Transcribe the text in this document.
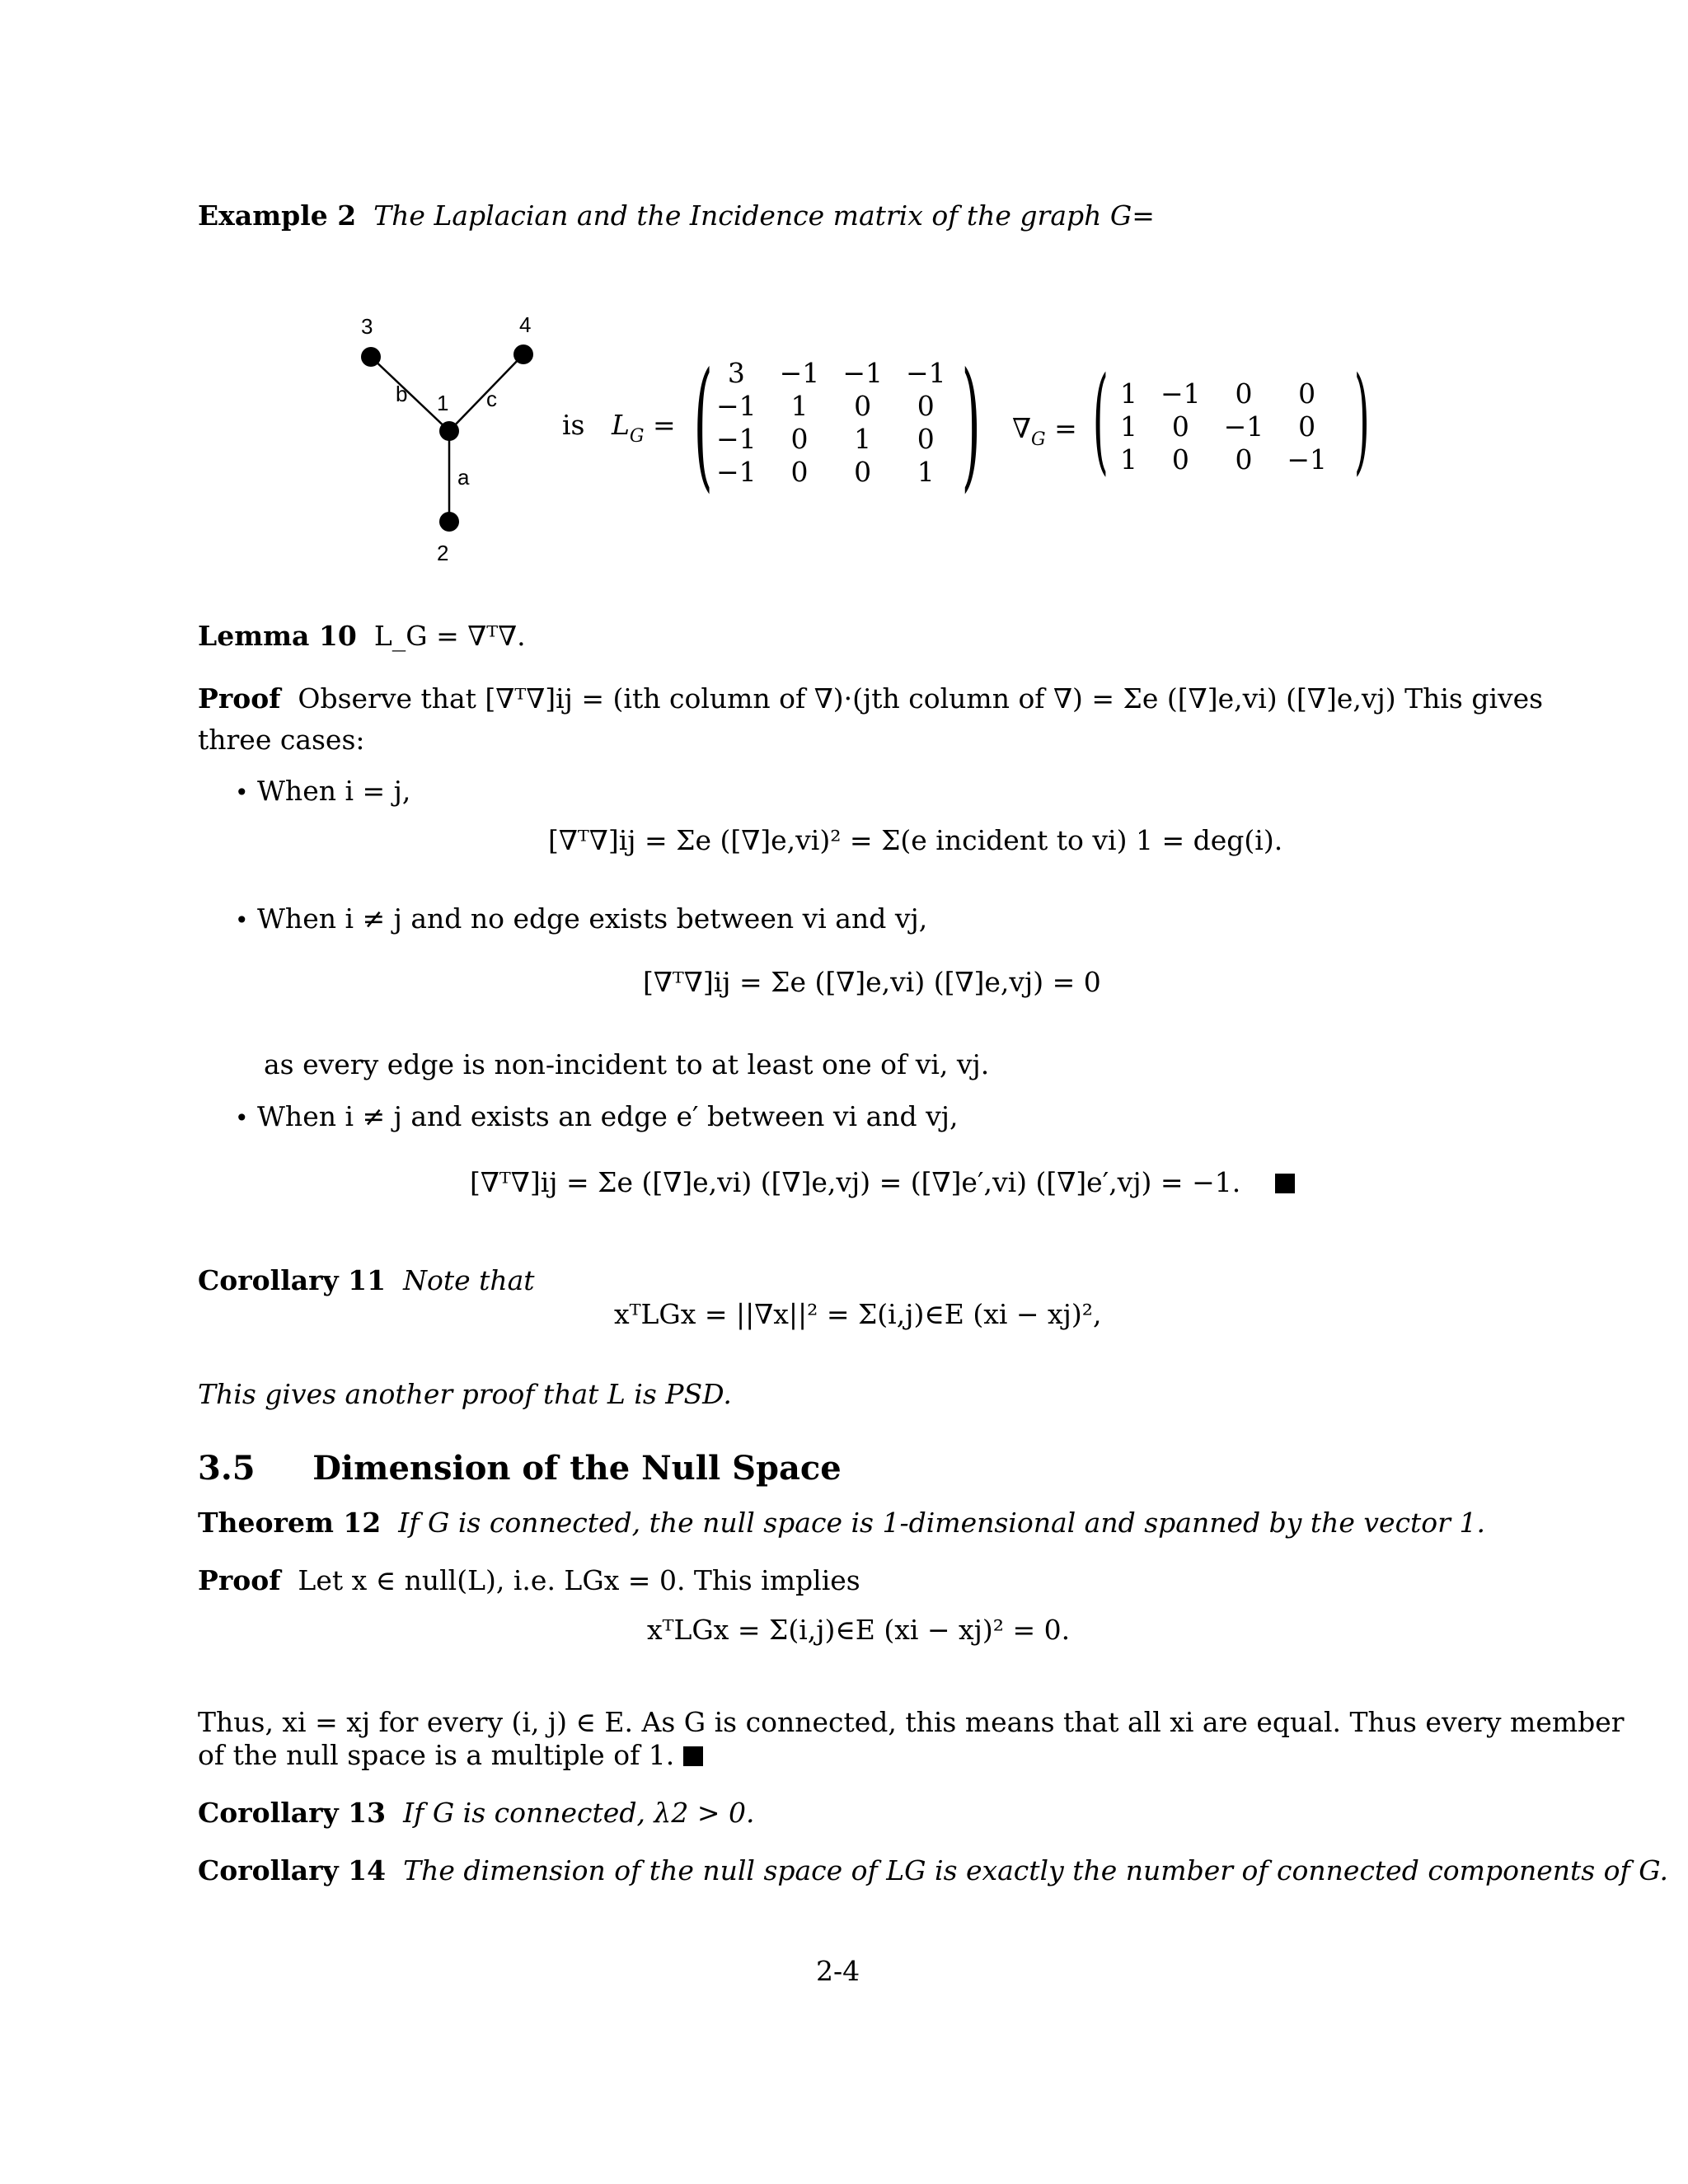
Example 2 The Laplacian and the Incidence matrix of the graph G=
3	4
1
2
b	c
a
is $L_G$ = ( 3	−1	−1	−1
−1	1	0	0
−1	0	1	0
−1	0	0	1 ) $\nabla_G$ = ( 1	−1	0	0
1	0	−1	0
1	0	0	−1 )
Lemma 10 L_G = ∇ᵀ∇.
Proof Observe that [∇ᵀ∇]ij = (ith column of ∇)·(jth column of ∇) = Σe ([∇]e,vi) ([∇]e,vj) This gives
three cases:
• When i = j,
[∇ᵀ∇]ij = Σe ([∇]e,vi)² = Σ(e incident to vi) 1 = deg(i).
• When i ≠ j and no edge exists between vi and vj,
[∇ᵀ∇]ij = Σe ([∇]e,vi) ([∇]e,vj) = 0
as every edge is non-incident to at least one of vi, vj.
• When i ≠ j and exists an edge e′ between vi and vj,
[∇ᵀ∇]ij = Σe ([∇]e,vi) ([∇]e,vj) = ([∇]e′,vi) ([∇]e′,vj) = −1.
Corollary 11 Note that
xᵀLGx = ||∇x||² = Σ(i,j)∈E (xi − xj)²,
This gives another proof that L is PSD.
3.5 Dimension of the Null Space
Theorem 12 If G is connected, the null space is 1-dimensional and spanned by the vector 1.
Proof Let x ∈ null(L), i.e. LGx = 0. This implies
xᵀLGx = Σ(i,j)∈E (xi − xj)² = 0.
Thus, xi = xj for every (i, j) ∈ E. As G is connected, this means that all xi are equal. Thus every member
of the null space is a multiple of 1.
Corollary 13 If G is connected, λ2 > 0.
Corollary 14 The dimension of the null space of LG is exactly the number of connected components of G.
2-4
